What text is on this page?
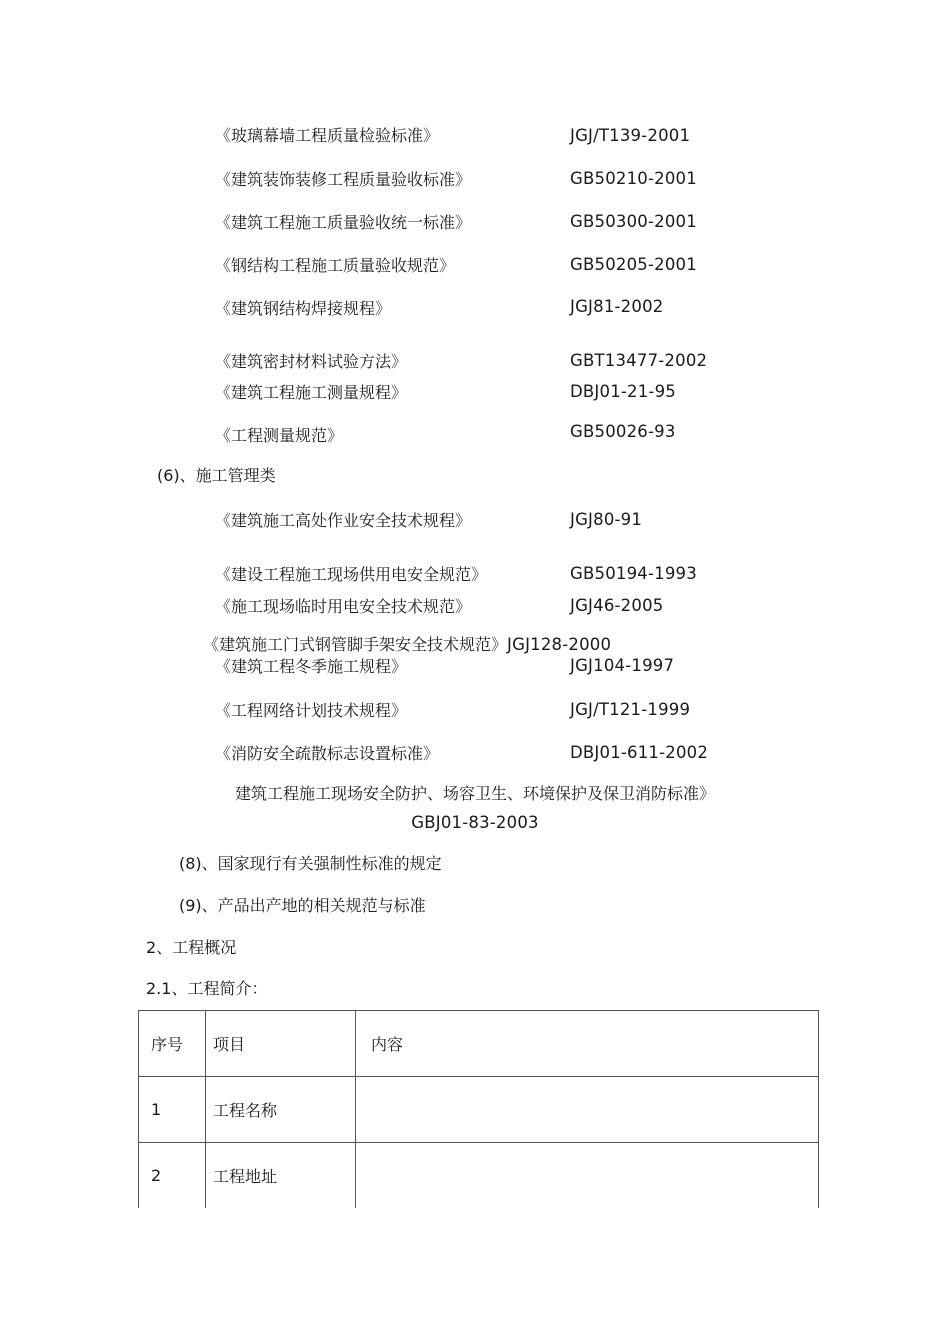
《玻璃幕墙工程质量检验标准》	JGJ/T139-2001
《建筑装饰装修工程质量验收标准》	GB50210-2001
《建筑工程施工质量验收统一标准》	GB50300-2001
《钢结构工程施工质量验收规范》	GB50205-2001
《建筑钢结构焊接规程》	JGJ81-2002
《建筑密封材料试验方法》	GBT13477-2002
《建筑工程施工测量规程》	DBJ01-21-95
《工程测量规范》	GB50026-93
(6)、施工管理类
《建筑施工高处作业安全技术规程》	JGJ80-91
《建设工程施工现场供用电安全规范》	GB50194-1993
《施工现场临时用电安全技术规范》	JGJ46-2005
《建筑施工门式钢管脚手架安全技术规范》JGJ128-2000
《建筑工程冬季施工规程》	JGJ104-1997
《工程网络计划技术规程》	JGJ/T121-1999
《消防安全疏散标志设置标准》	DBJ01-611-2002
建筑工程施工现场安全防护、场容卫生、环境保护及保卫消防标准》
GBJ01-83-2003
(8)、国家现行有关强制性标准的规定
(9)、产品出产地的相关规范与标准
2、工程概况
2.1、工程简介：
序号	项目	内容
1	工程名称	
2	工程地址	
